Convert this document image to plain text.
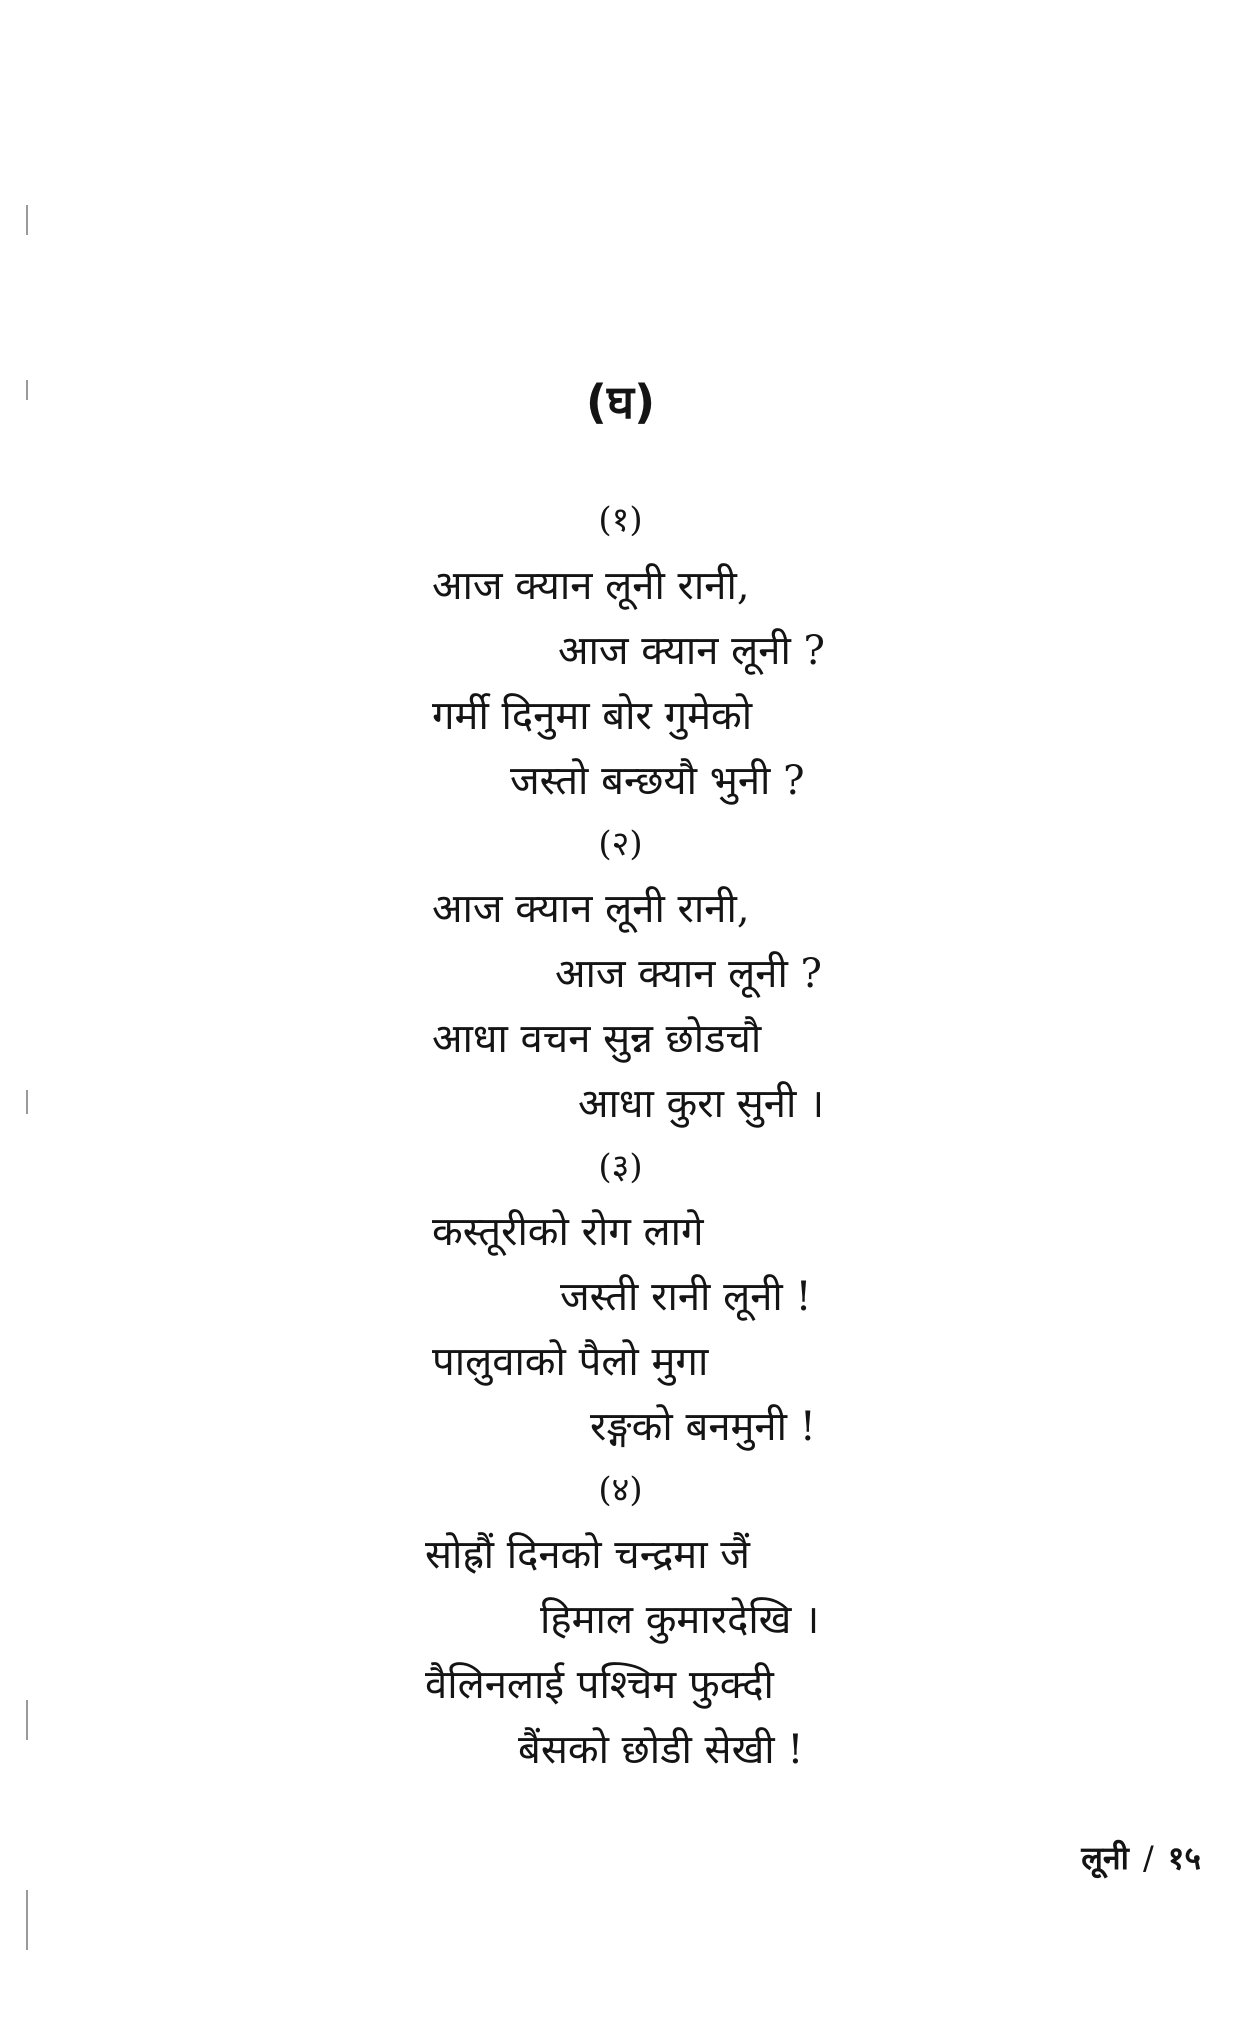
(घ)
(१)
आज क्यान लूनी रानी,
आज क्यान लूनी ?
गर्मी दिनुमा बोर गुमेको
जस्तो बन्छयौ भुनी ?
(२)
आज क्यान लूनी रानी,
आज क्यान लूनी ?
आधा वचन सुन्न छोडचौ
आधा कुरा सुनी ।
(३)
कस्तूरीको रोग लागे
जस्ती रानी लूनी !
पालुवाको पैलो मुगा
रङ्गको बनमुनी !
(४)
सोह्रौं दिनको चन्द्रमा जैं
हिमाल कुमारदेखि ।
वैलिनलाई पश्चिम फुक्दी
बैंसको छोडी सेखी !
लूनी / १५
